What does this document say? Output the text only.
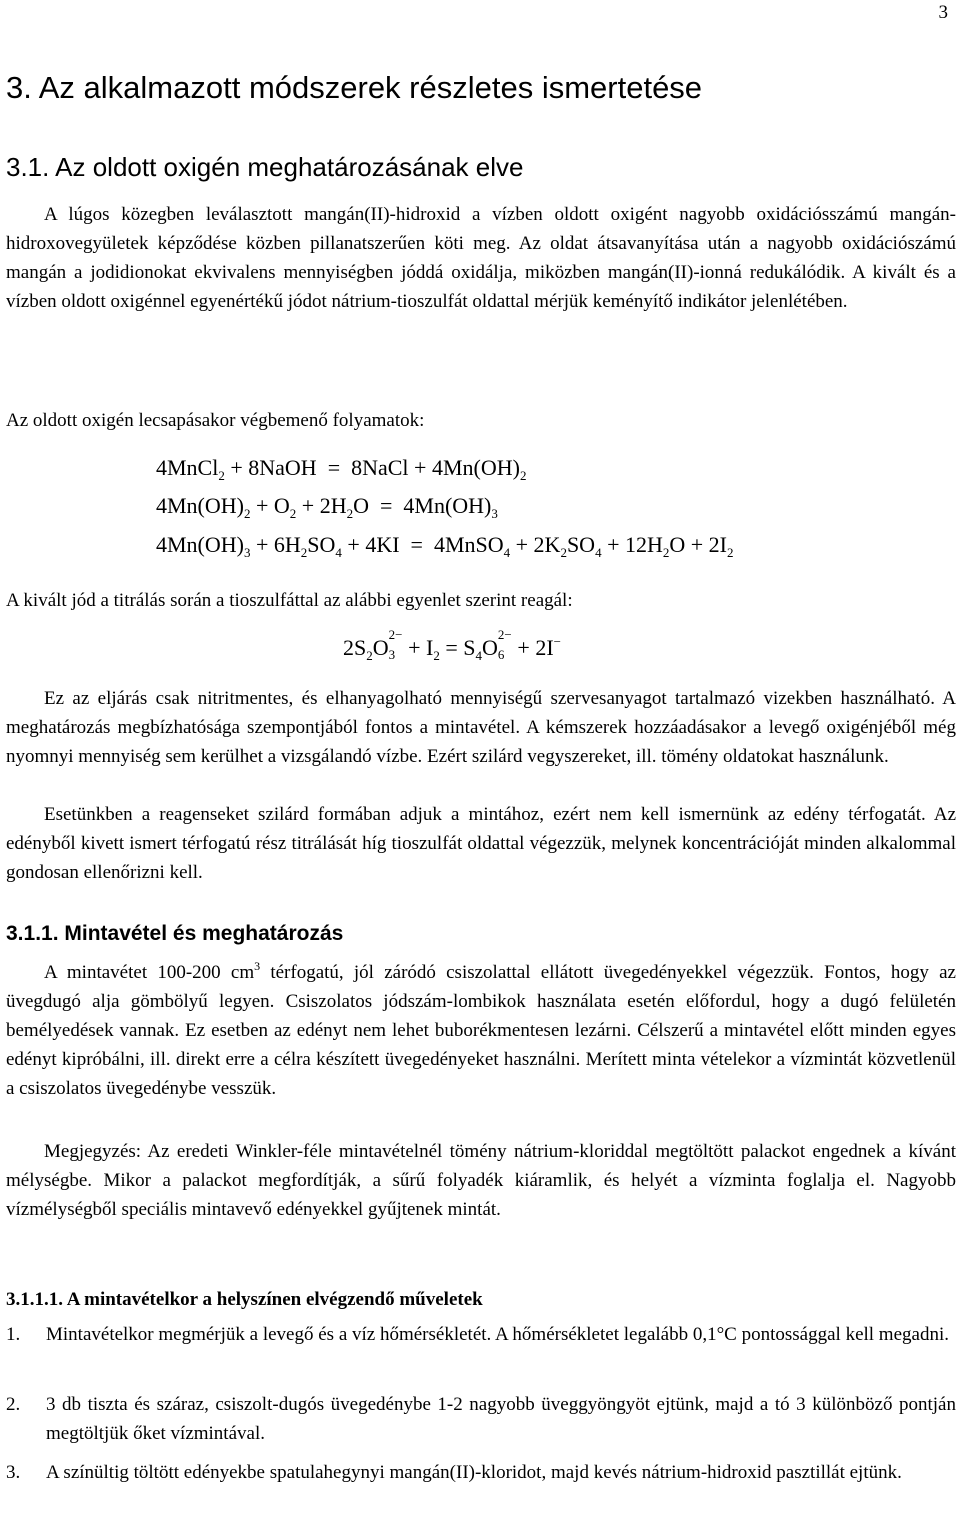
3
3. Az alkalmazott módszerek részletes ismertetése
3.1. Az oldott oxigén meghatározásának elve

A lúgos közegben leválasztott mangán(II)-hidroxid a vízben oldott oxigént nagyobb oxidációsszámú mangán-hidroxovegyületek képződése közben pillanatszerűen köti meg. Az oldat átsavanyítása után a nagyobb oxidációszámú mangán a jodidionokat ekvivalens mennyiségben jóddá oxidálja, miközben mangán(II)-ionná redukálódik. A kivált és a vízben oldott oxigénnel egyenértékű jódot nátrium-tioszulfát oldattal mérjük keményítő indikátor jelenlétében.

Az oldott oxigén lecsapásakor végbemenő folyamatok:

4MnCl$_2$ + 8NaOH  =  8NaCl + $4Mn(OH)_2$
$4Mn(OH)_2 + O_2 + 2H_2O = 4Mn(OH)_3$
$4Mn(OH)_3 + 6H_2SO_4 + 4KI$  =  4MnSO$_4$ + $2K_2SO_4 + 12H_2O + 2I_2$

A kivált jód a titrálás során a tioszulfáttal az alábbi egyenlet szerint reagál:

$2S_2O$
2−
$3 + I_2 = S_4O$
2−
6 + 2I−

Ez az eljárás csak nitritmentes, és elhanyagolható mennyiségű szervesanyagot tartalmazó vizekben használható. A meghatározás megbízhatósága szempontjából fontos a mintavétel. A kémszerek hozzáadásakor a levegő oxigénjéből még nyomnyi mennyiség sem kerülhet a vizsgálandó vízbe. Ezért szilárd vegyszereket, ill. tömény oldatokat használunk.

Esetünkben a reagenseket szilárd formában adjuk a mintához, ezért nem kell ismernünk az edény térfogatát. Az edényből kivett ismert térfogatú rész titrálását híg tioszulfát oldattal végezzük, melynek koncentrációját minden alkalommal gondosan ellenőrizni kell.

3.1.1. Mintavétel és meghatározás

A mintavétet 100-200 $cm^3$ térfogatú, jól záródó csiszolattal ellátott üvegedényekkel végezzük. Fontos, hogy az üvegdugó alja gömbölyű legyen. Csiszolatos jódszám-lombikok használata esetén előfordul, hogy a dugó felületén bemélyedések vannak. Ez esetben az edényt nem lehet buborékmentesen lezárni. Célszerű a mintavétel előtt minden egyes edényt kipróbálni, ill. direkt erre a célra készített üvegedényeket használni. Merített minta vételekor a vízmintát közvetlenül a csiszolatos üvegedénybe vesszük.

Megjegyzés: Az eredeti Winkler-féle mintavételnél tömény nátrium-kloriddal megtöltött palackot engednek a kívánt mélységbe. Mikor a palackot megfordítják, a sűrű folyadék kiáramlik, és helyét a vízminta foglalja el. Nagyobb vízmélységből speciális mintavevő edényekkel gyűjtenek mintát.

3.1.1.1. A mintavételkor a helyszínen elvégzendő műveletek
1. Mintavételkor megmérjük a levegő és a víz hőmérsékletét. A hőmérsékletet legalább 0,1°C pontossággal kell megadni.
2. 3 db tiszta és száraz, csiszolt-dugós üvegedénybe 1-2 nagyobb üveggyöngyöt ejtünk, majd a tó 3 különböző pontján megtöltjük őket vízmintával.
3. A színültig töltött edényekbe spatulahegynyi mangán(II)-kloridot, majd kevés nátrium-hidroxid pasztillát ejtünk.
